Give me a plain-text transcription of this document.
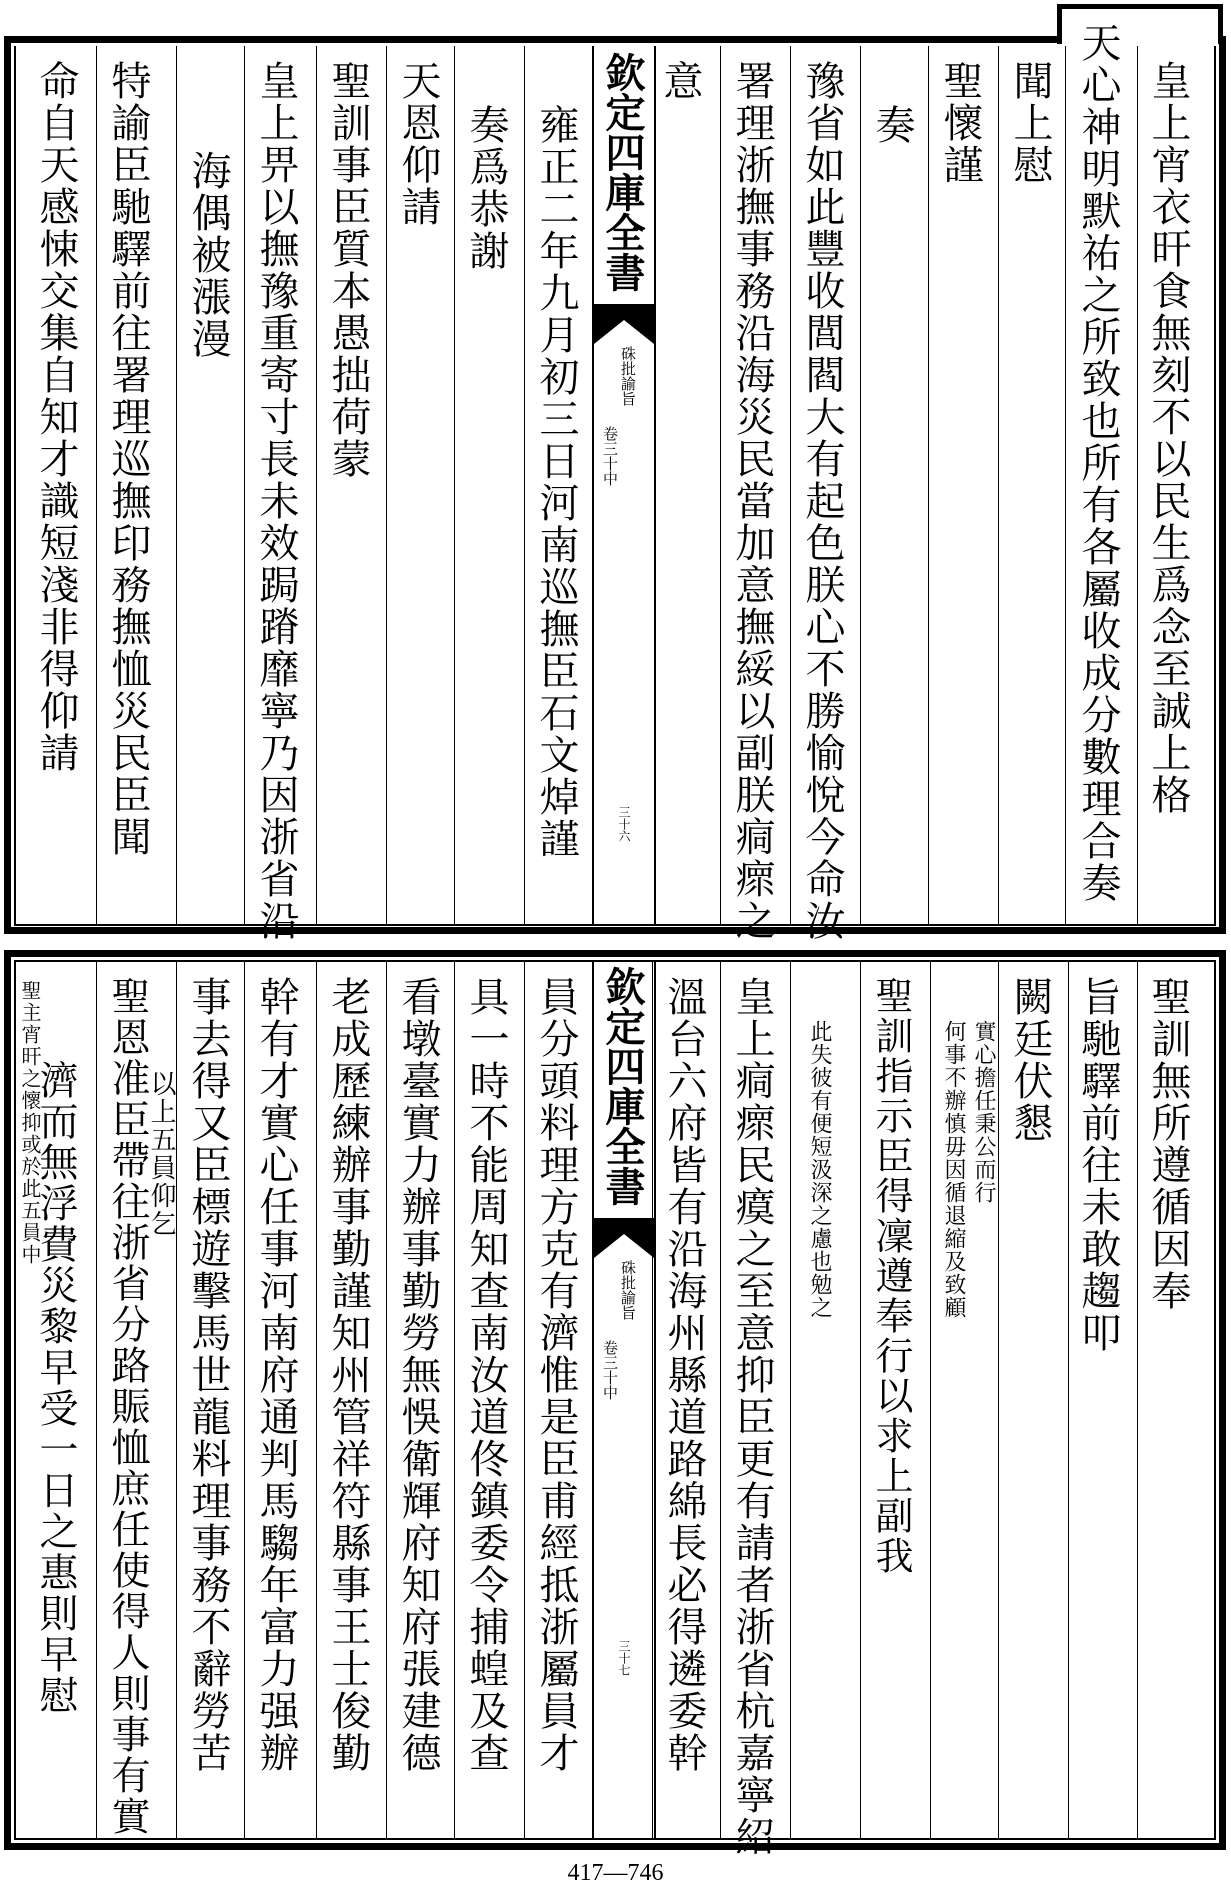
皇上宵衣旰食無刻不以民生爲念至誠上格
天心神明默祐之所致也所有各屬收成分數理合奏
聞上慰
聖懷謹
奏
豫省如此豐收閭閻大有起色朕心不勝愉悅今命汝
署理浙撫事務沿海災民當加意撫綏以副朕痌瘝之
意
欽定四庫全書
硃批諭旨
卷三十中
三十六
雍正二年九月初三日河南巡撫臣石文焯謹
奏爲恭謝
天恩仰請
聖訓事臣質本愚拙荷蒙
皇上畀以撫豫重寄寸長未效跼蹐靡寧乃因浙省沿
海偶被漲漫
特諭臣馳驛前往署理巡撫印務撫恤災民臣聞
命自天感悚交集自知才識短淺非得仰請
聖訓無所遵循因奉
旨馳驛前往未敢趨叩
闕廷伏懇
實心擔任秉公而行
何事不辦慎毋因循退縮及致顧
聖訓指示臣得凜遵奉行以求上副我
此失彼有便短汲深之慮也勉之
皇上痌瘝民瘼之至意抑臣更有請者浙省杭嘉寧紹
溫台六府皆有沿海州縣道路綿長必得遴委幹
欽定四庫全書
硃批諭旨
卷三十中
三十七
員分頭料理方克有濟惟是臣甫經抵浙屬員才
具一時不能周知查南汝道佟鎮委令捕蝗及查
看墩臺實力辦事勤勞無悞衛輝府知府張建德
老成歷練辦事勤謹知州管祥符縣事王士俊勤
幹有才實心任事河南府通判馬騶年富力强辦
事去得又臣標遊擊馬世龍料理事務不辭勞苦
以上五員仰乞
聖恩准臣帶往浙省分路賑恤庶任使得人則事有實
濟而無浮費災黎早受一日之惠則早慰
聖主宵旰之懷抑或於此五員中
417—746
